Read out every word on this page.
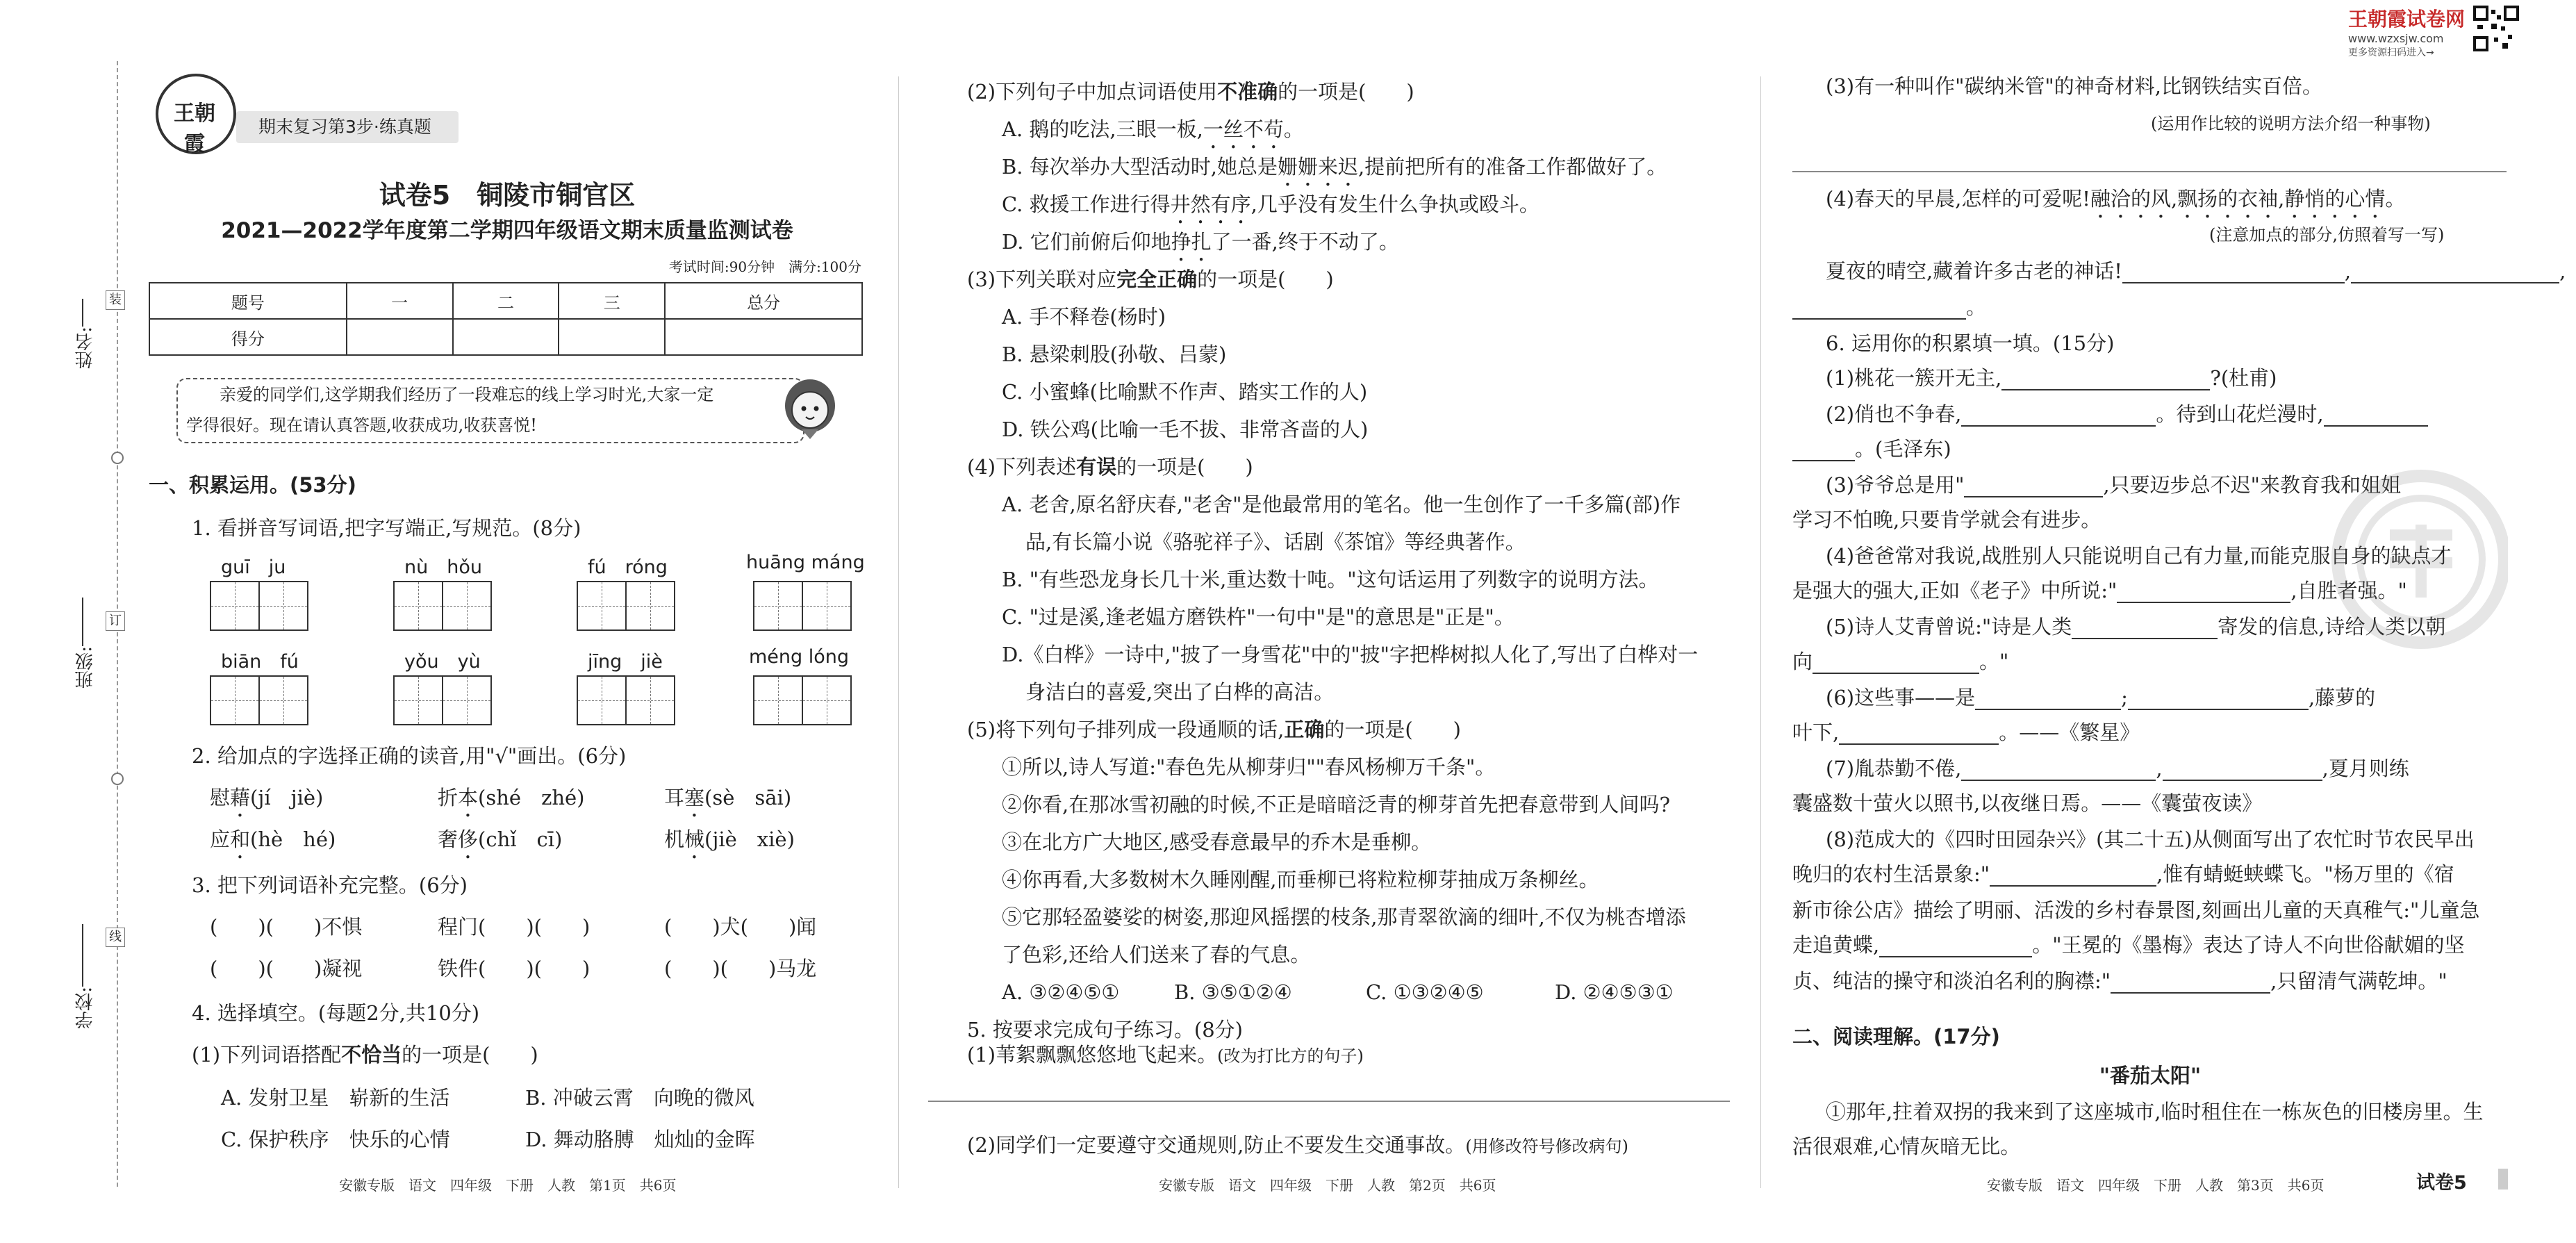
装
订
线
姓名:
班级:
学校:
王朝霞
期末复习第3步·练真题
试卷5　铜陵市铜官区
2021—2022学年度第二学期四年级语文期末质量监测试卷
考试时间:90分钟　满分:100分
题号	一	二	三	总分
得分				
亲爱的同学们,这学期我们经历了一段难忘的线上学习时光,大家一定
学得很好。现在请认真答题,收获成功,收获喜悦!
一、积累运用。(53分)
1. 看拼音写词语,把字写端正,写规范。(8分)
guī　ju	nù　hǒu	fú　róng	huāng máng
biān　fú	yǒu　yù	jīng　jiè	méng lóng
2. 给加点的字选择正确的读音,用"√"画出。(6分)
慰藉(jí　jiè)	折本(shé　zhé)	耳塞(sè　sāi)
应和(hè　hé)	奢侈(chǐ　cī)	机械(jiè　xiè)
3. 把下列词语补充完整。(6分)
(　　)(　　)不惧	程门(　　)(　　)	(　　)犬(　　)闻
(　　)(　　)凝视	铁件(　　)(　　)	(　　)(　　)马龙
4. 选择填空。(每题2分,共10分)
(1)下列词语搭配不恰当的一项是(　　)
A. 发射卫星　崭新的生活	B. 冲破云霄　向晚的微风
C. 保护秩序　快乐的心情	D. 舞动胳膊　灿灿的金晖
安徽专版　语文　四年级　下册　人教　第1页　共6页
(2)下列句子中加点词语使用不准确的一项是(　　)
A. 鹅的吃法,三眼一板,一丝不苟。
B. 每次举办大型活动时,她总是姗姗来迟,提前把所有的准备工作都做好了。
C. 救援工作进行得井然有序,几乎没有发生什么争执或殴斗。
D. 它们前俯后仰地挣扎了一番,终于不动了。
(3)下列关联对应完全正确的一项是(　　)
A. 手不释卷(杨时)
B. 悬梁刺股(孙敬、吕蒙)
C. 小蜜蜂(比喻默不作声、踏实工作的人)
D. 铁公鸡(比喻一毛不拔、非常吝啬的人)
(4)下列表述有误的一项是(　　)
A. 老舍,原名舒庆春,"老舍"是他最常用的笔名。他一生创作了一千多篇(部)作
品,有长篇小说《骆驼祥子》、话剧《茶馆》等经典著作。
B. "有些恐龙身长几十米,重达数十吨。"这句话运用了列数字的说明方法。
C. "过是溪,逢老媪方磨铁杵"一句中"是"的意思是"正是"。
D.《白桦》一诗中,"披了一身雪花"中的"披"字把桦树拟人化了,写出了白桦对一
身洁白的喜爱,突出了白桦的高洁。
(5)将下列句子排列成一段通顺的话,正确的一项是(　　)
①所以,诗人写道:"春色先从柳芽归""春风杨柳万千条"。
②你看,在那冰雪初融的时候,不正是暗暗泛青的柳芽首先把春意带到人间吗?
③在北方广大地区,感受春意最早的乔木是垂柳。
④你再看,大多数树木久睡刚醒,而垂柳已将粒粒柳芽抽成万条柳丝。
⑤它那轻盈婆娑的树姿,那迎风摇摆的枝条,那青翠欲滴的细叶,不仅为桃杏增添
了色彩,还给人们送来了春的气息。
A. ③②④⑤①	B. ③⑤①②④	C. ①③②④⑤	D. ②④⑤③①
5. 按要求完成句子练习。(8分)
(1)苇絮飘飘悠悠地飞起来。(改为打比方的句子)
(2)同学们一定要遵守交通规则,防止不要发生交通事故。(用修改符号修改病句)
安徽专版　语文　四年级　下册　人教　第2页　共6页
王朝霞试卷网
www.wzxsjw.com
更多资源扫码进入→
(3)有一种叫作"碳纳米管"的神奇材料,比钢铁结实百倍。
(运用作比较的说明方法介绍一种事物)
(4)春天的早晨,怎样的可爱呢!融洽的风,飘扬的衣袖,静悄的心情。
(注意加点的部分,仿照着写一写)
夏夜的晴空,藏着许多古老的神话!	,	,
。
6. 运用你的积累填一填。(15分)
(1)桃花一簇开无主,	?(杜甫)
(2)俏也不争春,	。待到山花烂漫时,
。(毛泽东)
(3)爷爷总是用"	,只要迈步总不迟"来教育我和姐姐
学习不怕晚,只要肯学就会有进步。
(4)爸爸常对我说,战胜别人只能说明自己有力量,而能克服自身的缺点才
是强大的强大,正如《老子》中所说:"	,自胜者强。"
(5)诗人艾青曾说:"诗是人类	寄发的信息,诗给人类以朝
向	。"
(6)这些事——是	;	,藤萝的
叶下,	。——《繁星》
(7)胤恭勤不倦,	,	,夏月则练
囊盛数十萤火以照书,以夜继日焉。——《囊萤夜读》
(8)范成大的《四时田园杂兴》(其二十五)从侧面写出了农忙时节农民早出
晚归的农村生活景象:"	,惟有蜻蜓蛱蝶飞。"杨万里的《宿
新市徐公店》描绘了明丽、活泼的乡村春景图,刻画出儿童的天真稚气:"儿童急
走追黄蝶,	。"王冕的《墨梅》表达了诗人不向世俗献媚的坚
贞、纯洁的操守和淡泊名利的胸襟:"	,只留清气满乾坤。"
二、阅读理解。(17分)
"番茄太阳"
①那年,拄着双拐的我来到了这座城市,临时租住在一栋灰色的旧楼房里。生
活很艰难,心情灰暗无比。
安徽专版　语文　四年级　下册　人教　第3页　共6页	试卷5
